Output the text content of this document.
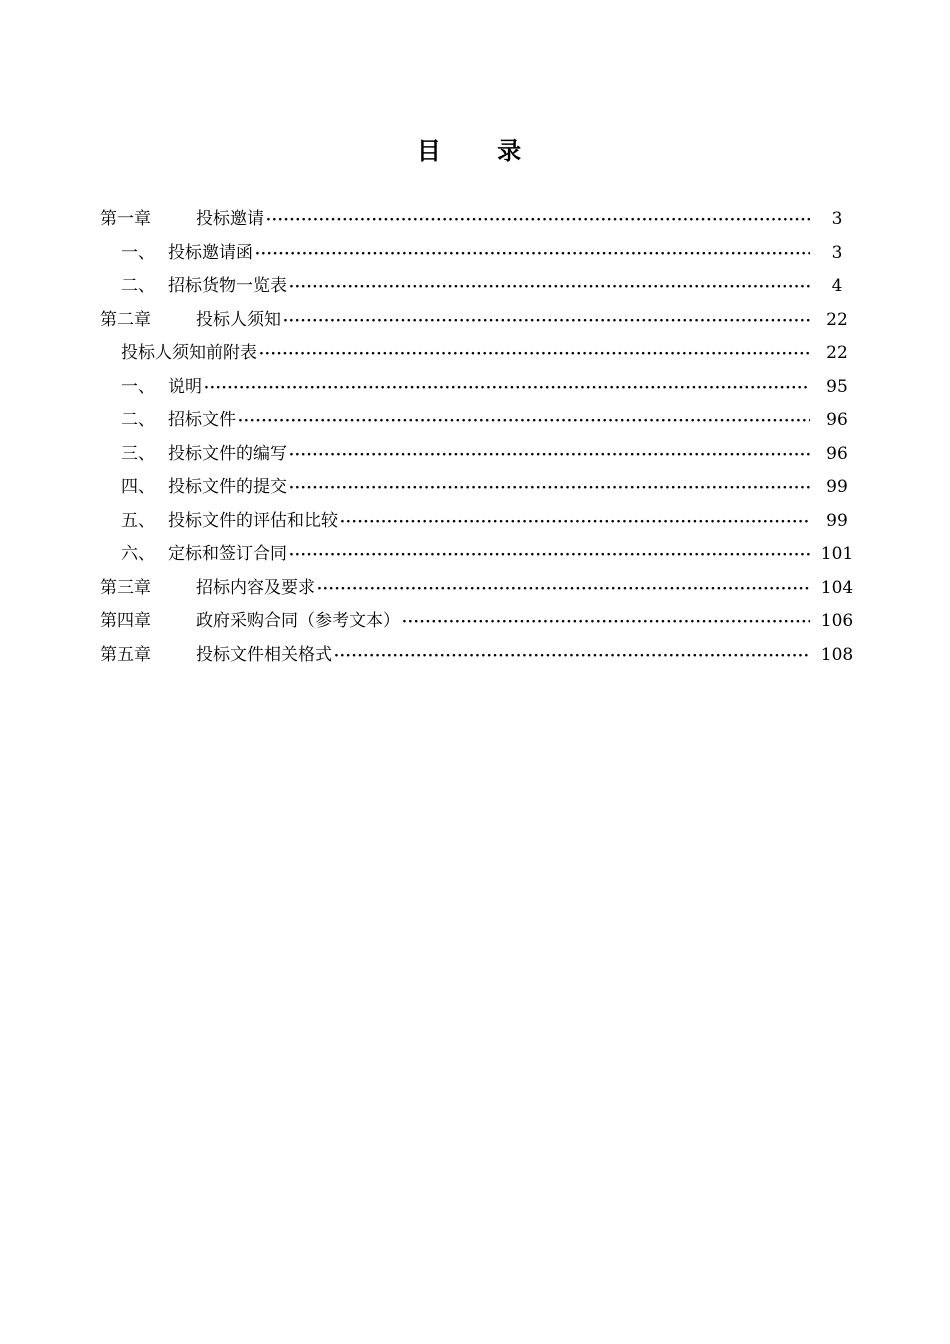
目 录
第一章	投标邀请 ·····	3
一、 投标邀请函 ·····	3
二、 招标货物一览表 ·····	4
第二章	投标人须知 ·····	22
投标人须知前附表 ·····	22
一、 说明 ·····	95
二、 招标文件 ·····	96
三、 投标文件的编写 ·····	96
四、 投标文件的提交 ·····	99
五、 投标文件的评估和比较 ·····	99
六、 定标和签订合同 ·····	101
第三章	招标内容及要求 ·····	104
第四章	政府采购合同（参考文本） ·····	106
第五章	投标文件相关格式 ·····	108
